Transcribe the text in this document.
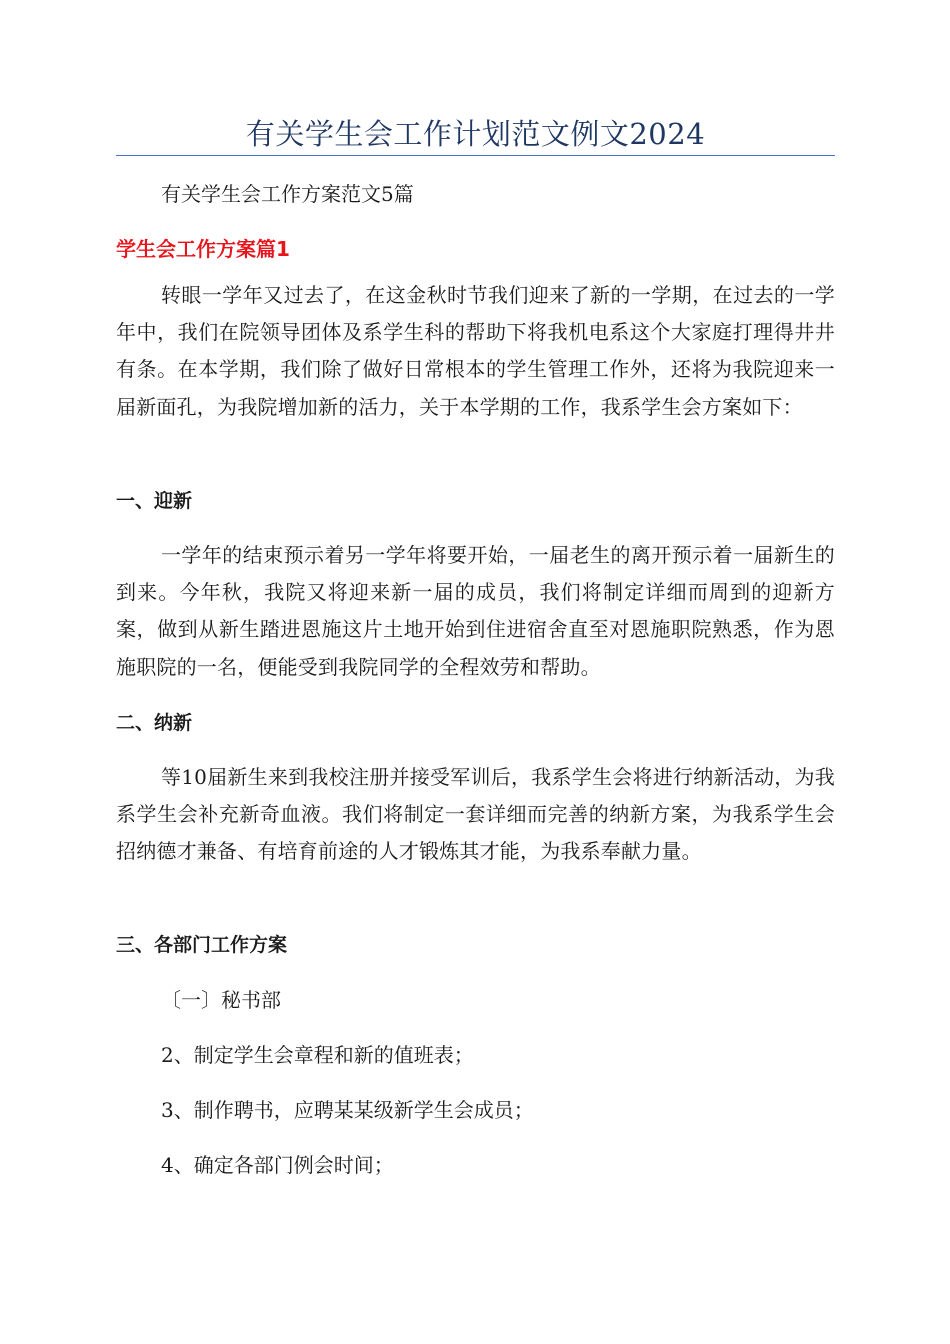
有关学生会工作计划范文例文2024
有关学生会工作方案范文5篇
学生会工作方案篇1

转眼一学年又过去了，在这金秋时节我们迎来了新的一学期，在过去的一学年中，我们在院领导团体及系学生科的帮助下将我机电系这个大家庭打理得井井有条。在本学期，我们除了做好日常根本的学生管理工作外，还将为我院迎来一届新面孔，为我院增加新的活力，关于本学期的工作，我系学生会方案如下：

一、迎新

一学年的结束预示着另一学年将要开始，一届老生的离开预示着一届新生的到来。今年秋，我院又将迎来新一届的成员，我们将制定详细而周到的迎新方案，做到从新生踏进恩施这片土地开始到住进宿舍直至对恩施职院熟悉，作为恩施职院的一名，便能受到我院同学的全程效劳和帮助。

二、纳新

等10届新生来到我校注册并接受军训后，我系学生会将进行纳新活动，为我系学生会补充新奇血液。我们将制定一套详细而完善的纳新方案，为我系学生会招纳德才兼备、有培育前途的人才锻炼其才能，为我系奉献力量。

三、各部门工作方案
〔一〕秘书部
2、制定学生会章程和新的值班表；
3、制作聘书，应聘某某级新学生会成员；
4、确定各部门例会时间；
